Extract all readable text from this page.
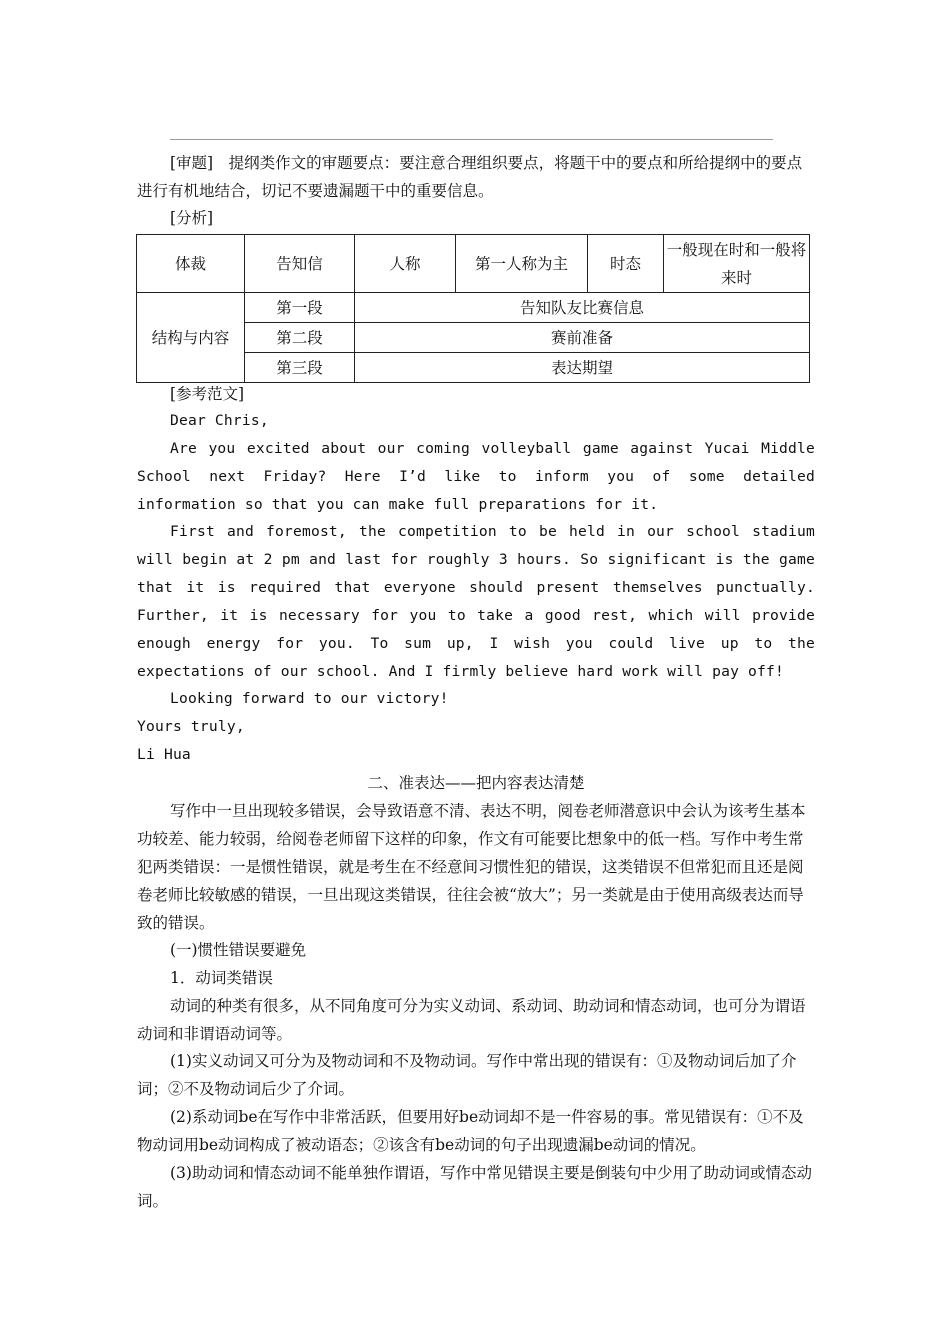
[审题]　 提纲类作文的审题要点：要注意合理组织要点，将题干中的要点和所给提纲中的要点进行有机地结合，切记不要遗漏题干中的重要信息。

[分析]

体裁	告知信	人称	第一人称为主	时态	一般现在时和一般将来时
结构与内容	第一段	告知队友比赛信息			
	第二段	赛前准备			
	第三段	表达期望			

[参考范文]

Dear Chris,

Are you excited about our coming volleyball game against Yucai Middle School next Friday? Here I’d like to inform you of some detailed information so that you can make full preparations for it.

First and foremost, the competition to be held in our school stadium will begin at 2 pm and last for roughly 3 hours. So significant is the game that it is required that everyone should present themselves punctually. Further, it is necessary for you to take a good rest, which will provide enough energy for you. To sum up, I wish you could live up to the expectations of our school. And I firmly believe hard work will pay off!

Looking forward to our victory!

Yours truly,

Li Hua

二、准表达——把内容表达清楚

写作中一旦出现较多错误，会导致语意不清、表达不明，阅卷老师潜意识中会认为该考生基本功较差、能力较弱，给阅卷老师留下这样的印象，作文有可能要比想象中的低一档。写作中考生常犯两类错误：一是惯性错误，就是考生在不经意间习惯性犯的错误，这类错误不但常犯而且还是阅卷老师比较敏感的错误，一旦出现这类错误，往往会被“放大”；另一类就是由于使用高级表达而导致的错误。

(一)惯性错误要避免

1．动词类错误

动词的种类有很多，从不同角度可分为实义动词、系动词、助动词和情态动词，也可分为谓语动词和非谓语动词等。

(1)实义动词又可分为及物动词和不及物动词。写作中常出现的错误有：①及物动词后加了介词；②不及物动词后少了介词。

(2)系动词be在写作中非常活跃，但要用好be动词却不是一件容易的事。常见错误有：①不及物动词用be动词构成了被动语态；②该含有be动词的句子出现遗漏be动词的情况。

(3)助动词和情态动词不能单独作谓语，写作中常见错误主要是倒装句中少用了助动词或情态动词。
